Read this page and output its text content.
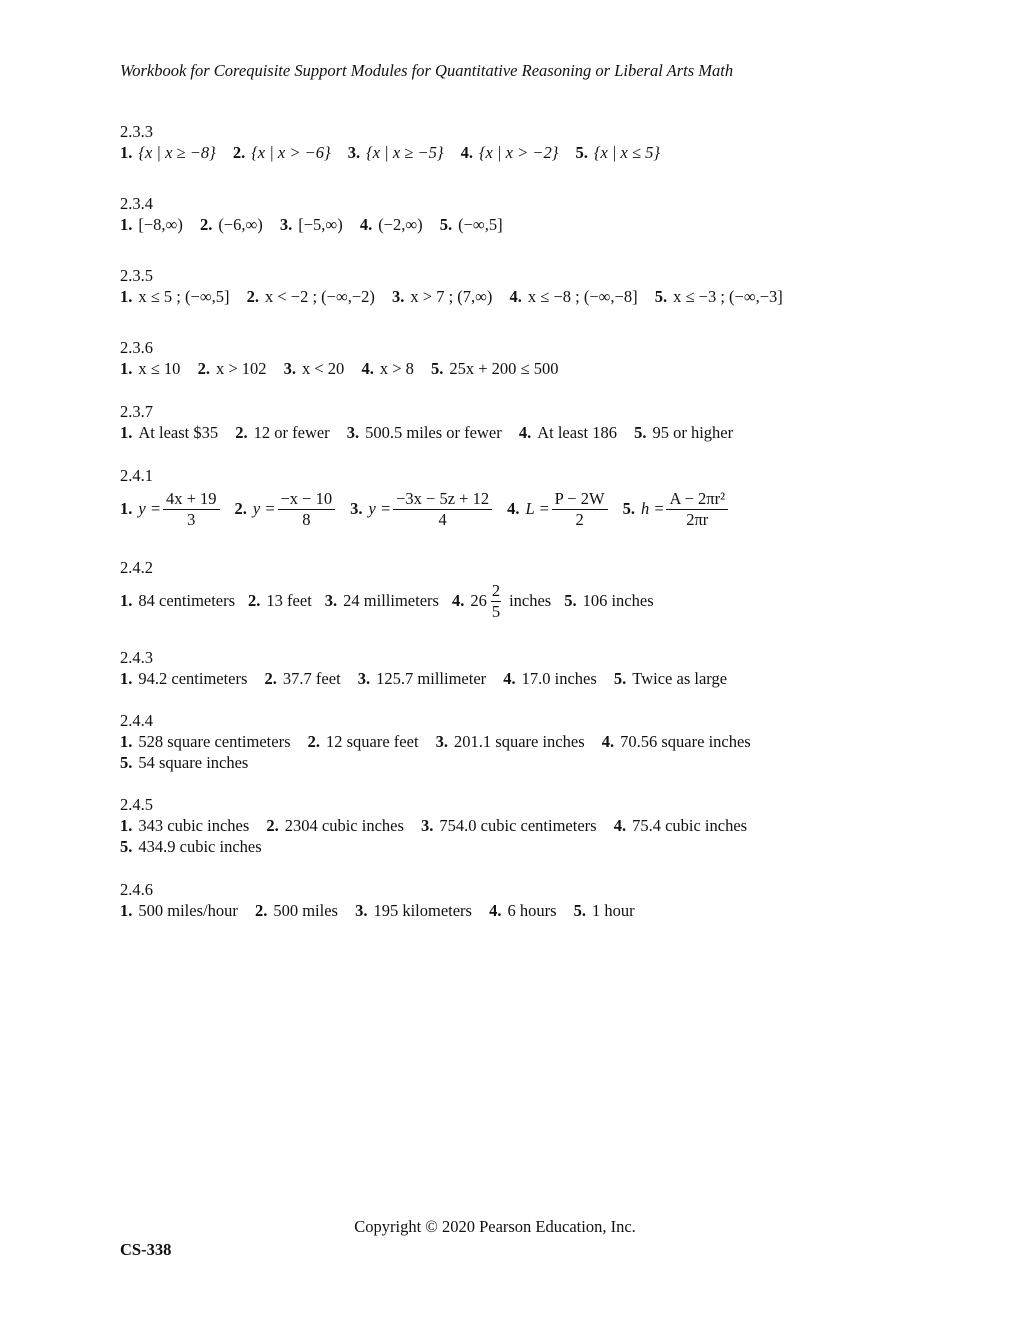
Workbook for Corequisite Support Modules for Quantitative Reasoning or Liberal Arts Math
2.3.3
1. {x | x ≥ −8}
2. {x | x > −6}
3. {x | x ≥ −5}
4. {x | x > −2}
5. {x | x ≤ 5}
2.3.4
1. [−8,∞)
2. (−6,∞)
3. [−5,∞)
4. (−2,∞)
5. (−∞,5]
2.3.5
1. x ≤ 5 ; (−∞,5]
2. x < −2 ; (−∞,−2)
3. x > 7 ; (7,∞)
4. x ≤ −8 ; (−∞,−8]
5. x ≤ −3 ; (−∞,−3]
2.3.6
1. x ≤ 10
2. x > 102
3. x < 20
4. x > 8
5. 25x + 200 ≤ 500
2.3.7
1. At least $35
2. 12 or fewer
3. 500.5 miles or fewer
4. At least 186
5. 95 or higher
2.4.1
1. $y = \frac{4x + 19}{3} 2$. $y = \frac{-x - 10}{8} 3$. $y = \frac{-3x - 5z + 12}{4} 4$. $L = \frac{P - 2W}{2} 5$. $h = \frac{\text{A − 2πr²}}{2\pi r}$
2.4.2
1. 84 centimeters 2. 13 feet 3. 24 millimeters 4. $26 \frac{2}{5}$ inches 5. 106 inches
2.4.3
1. 94.2 centimeters
2. 37.7 feet
3. 125.7 millimeter
4. 17.0 inches
5. Twice as large
2.4.4
1. 528 square centimeters
2. 12 square feet
3. 201.1 square inches
4. 70.56 square inches
5. 54 square inches
2.4.5
1. 343 cubic inches
2. 2304 cubic inches
3. 754.0 cubic centimeters
4. 75.4 cubic inches
5. 434.9 cubic inches
2.4.6
1. 500 miles/hour
2. 500 miles
3. 195 kilometers
4. 6 hours
5. 1 hour
Copyright © 2020 Pearson Education, Inc.
CS-338
